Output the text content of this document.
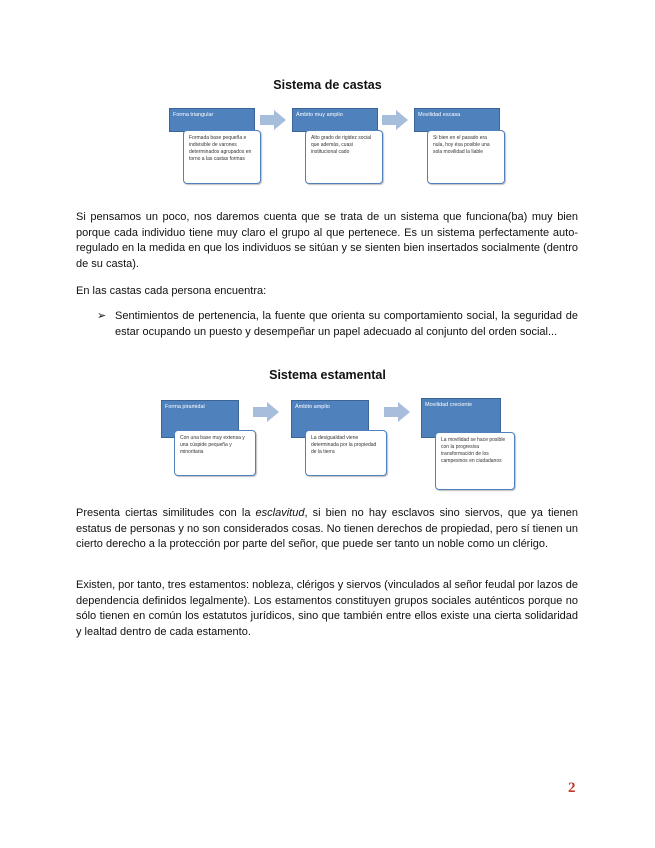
Sistema de castas
Forma triangular
Formada base pequeña e indivisible de varones determinados agrupados en torno a las castas formas
Ámbito muy amplio
Alto grado de rigidez social que además, cuasi institucional cado
Movilidad escasa
Si bien en el pasado era nula, hoy ésa posible una sola movilidad la liable

Si pensamos un poco, nos daremos cuenta que se trata de un sistema que funciona(ba) muy bien porque cada individuo tiene muy claro el grupo al que pertenece. Es un sistema perfectamente auto-regulado en la medida en que los individuos se sitúan y se sienten bien insertados socialmente (dentro de su casta).

En las castas cada persona encuentra:

➢ Sentimientos de pertenencia, la fuente que orienta su comportamiento social, la seguridad de estar ocupando un puesto y desempeñar un papel adecuado al conjunto del orden social...

Sistema estamental
Forma piramidal
Con una base muy extensa y una cúspide pequeña y minoritaria
Ámbito amplio
La desigualdad viene determinada por la propiedad de la tierra
Movilidad creciente
La movilidad se hace posible con la progresiva transformación de los campesinos en ciudadanos

Presenta ciertas similitudes con la esclavitud, si bien no hay esclavos sino siervos, que ya tienen estatus de personas y no son considerados cosas. No tienen derechos de propiedad, pero sí tienen un cierto derecho a la protección por parte del señor, que puede ser tanto un noble como un clérigo.

Existen, por tanto, tres estamentos: nobleza, clérigos y siervos (vinculados al señor feudal por lazos de dependencia definidos legalmente). Los estamentos constituyen grupos sociales auténticos porque no sólo tienen en común los estatutos jurídicos, sino que también entre ellos existe una cierta solidaridad y lealtad dentro de cada estamento.

2
